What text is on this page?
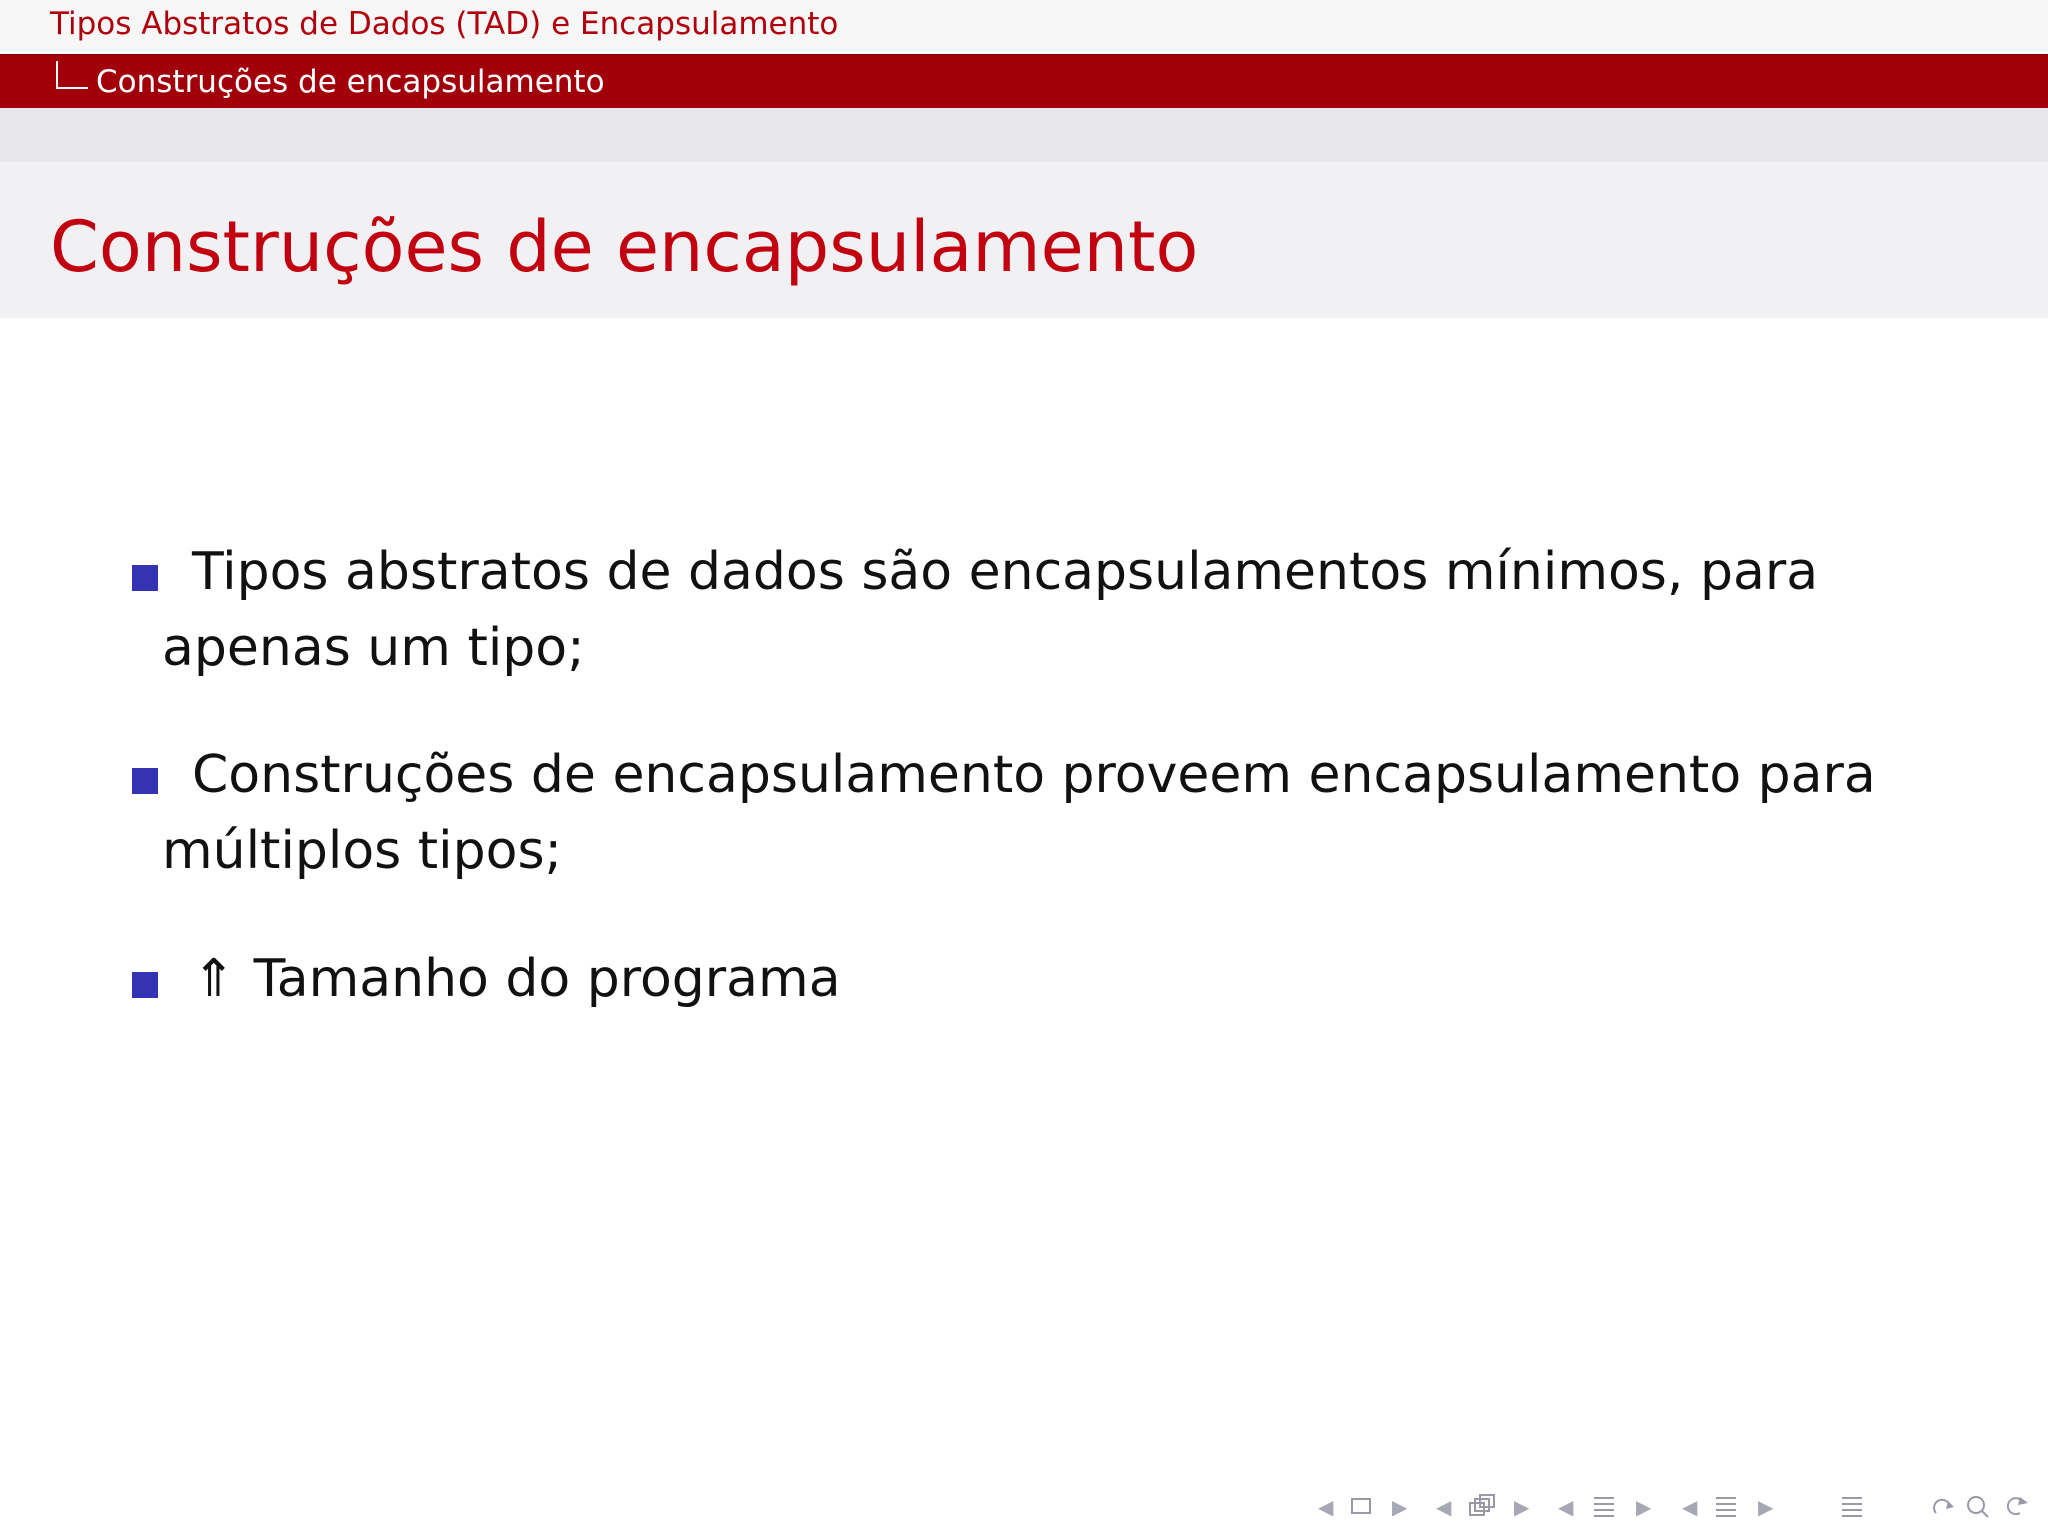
Tipos Abstratos de Dados (TAD) e Encapsulamento
Construções de encapsulamento
Construções de encapsulamento
Tipos abstratos de dados são encapsulamentos mínimos, para
apenas um tipo;
Construções de encapsulamento proveem encapsulamento para
múltiplos tipos;
⇑ Tamanho do programa
◀	▶ ◀	▶ ◀	▶ ◀	▶
